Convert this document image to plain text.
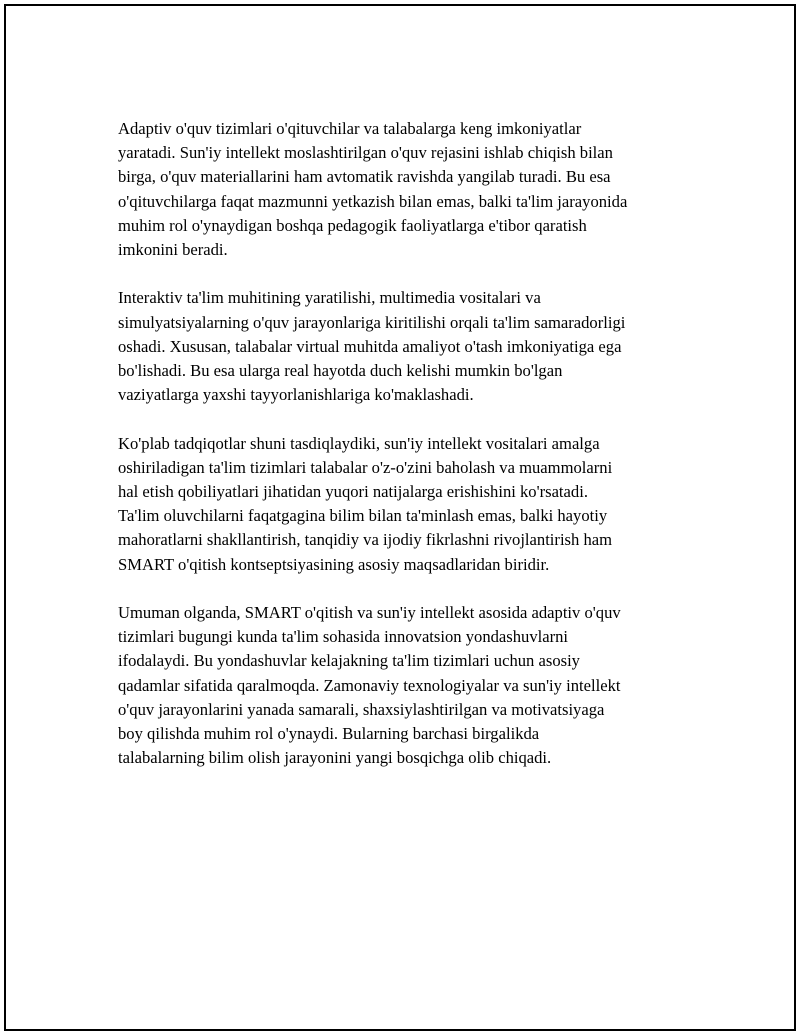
Adaptiv o'quv tizimlari o'qituvchilar va talabalarga keng imkoniyatlar
yaratadi. Sun'iy intellekt moslashtirilgan o'quv rejasini ishlab chiqish bilan
birga, o'quv materiallarini ham avtomatik ravishda yangilab turadi. Bu esa
o'qituvchilarga faqat mazmunni yetkazish bilan emas, balki ta'lim jarayonida
muhim rol o'ynaydigan boshqa pedagogik faoliyatlarga e'tibor qaratish
imkonini beradi.

Interaktiv ta'lim muhitining yaratilishi, multimedia vositalari va
simulyatsiyalarning o'quv jarayonlariga kiritilishi orqali ta'lim samaradorligi
oshadi. Xususan, talabalar virtual muhitda amaliyot o'tash imkoniyatiga ega
bo'lishadi. Bu esa ularga real hayotda duch kelishi mumkin bo'lgan
vaziyatlarga yaxshi tayyorlanishlariga ko'maklashadi.

Ko'plab tadqiqotlar shuni tasdiqlaydiki, sun'iy intellekt vositalari amalga
oshiriladigan ta'lim tizimlari talabalar o'z-o'zini baholash va muammolarni
hal etish qobiliyatlari jihatidan yuqori natijalarga erishishini ko'rsatadi.
Ta'lim oluvchilarni faqatgagina bilim bilan ta'minlash emas, balki hayotiy
mahoratlarni shakllantirish, tanqidiy va ijodiy fikrlashni rivojlantirish ham
SMART o'qitish kontseptsiyasining asosiy maqsadlaridan biridir.

Umuman olganda, SMART o'qitish va sun'iy intellekt asosida adaptiv o'quv
tizimlari bugungi kunda ta'lim sohasida innovatsion yondashuvlarni
ifodalaydi. Bu yondashuvlar kelajakning ta'lim tizimlari uchun asosiy
qadamlar sifatida qaralmoqda. Zamonaviy texnologiyalar va sun'iy intellekt
o'quv jarayonlarini yanada samarali, shaxsiylashtirilgan va motivatsiyaga
boy qilishda muhim rol o'ynaydi. Bularning barchasi birgalikda
talabalarning bilim olish jarayonini yangi bosqichga olib chiqadi.
